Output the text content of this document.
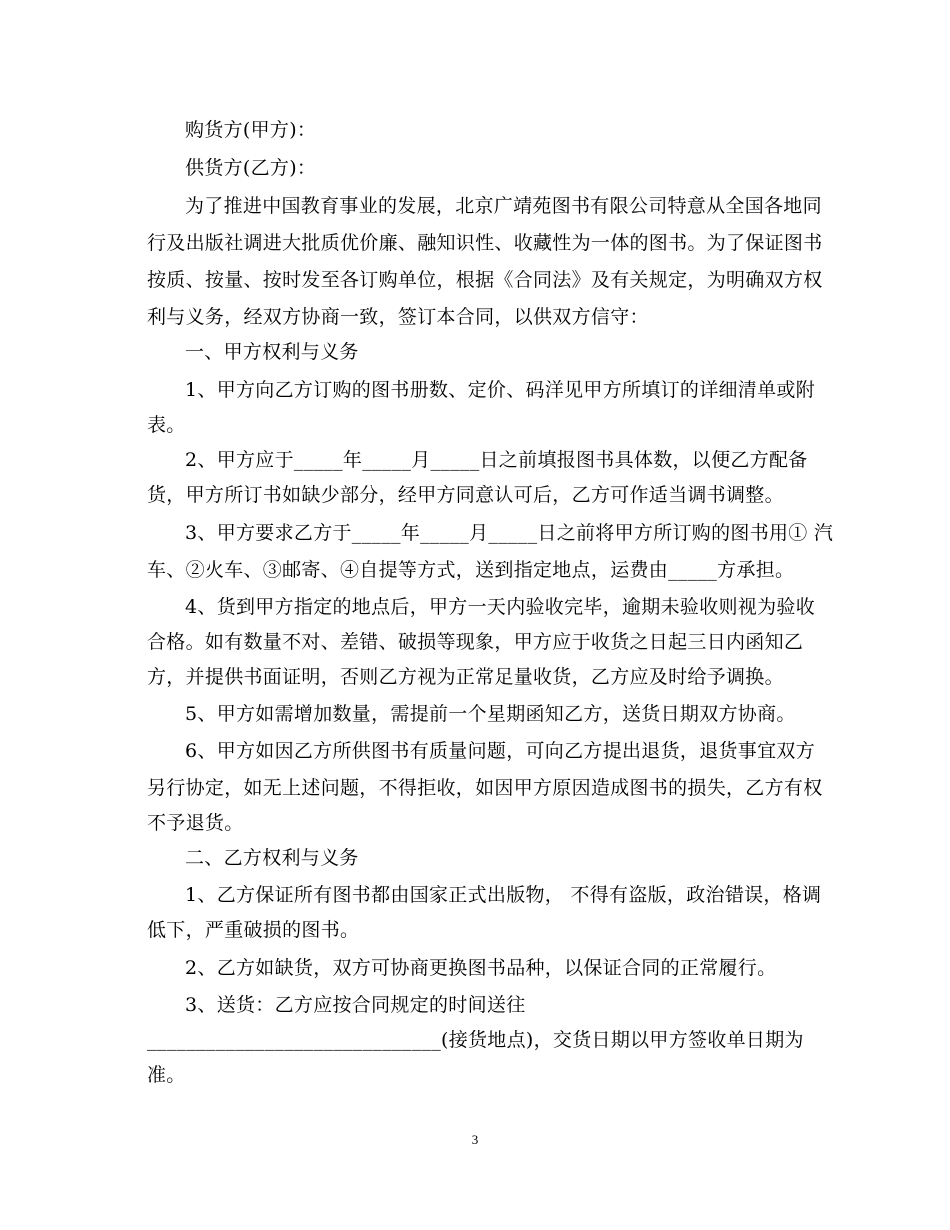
购货方(甲方)：
供货方(乙方)：
为了推进中国教育事业的发展，北京广靖苑图书有限公司特意从全国各地同
行及出版社调进大批质优价廉、融知识性、收藏性为一体的图书。为了保证图书
按质、按量、按时发至各订购单位，根据《合同法》及有关规定，为明确双方权
利与义务，经双方协商一致，签订本合同，以供双方信守：
一、甲方权利与义务
1、甲方向乙方订购的图书册数、定价、码洋见甲方所填订的详细清单或附
表。
2、甲方应于_____年_____月_____日之前填报图书具体数，以便乙方配备
货，甲方所订书如缺少部分，经甲方同意认可后，乙方可作适当调书调整。
3、甲方要求乙方于_____年_____月_____日之前将甲方所订购的图书用① 汽
车、②火车、③邮寄、④自提等方式，送到指定地点，运费由_____方承担。
4、货到甲方指定的地点后，甲方一天内验收完毕，逾期未验收则视为验收
合格。如有数量不对、差错、破损等现象，甲方应于收货之日起三日内函知乙
方，并提供书面证明，否则乙方视为正常足量收货，乙方应及时给予调换。
5、甲方如需增加数量，需提前一个星期函知乙方，送货日期双方协商。
6、甲方如因乙方所供图书有质量问题，可向乙方提出退货，退货事宜双方
另行协定，如无上述问题，不得拒收，如因甲方原因造成图书的损失，乙方有权
不予退货。
二、乙方权利与义务
1、乙方保证所有图书都由国家正式出版物， 不得有盗版，政治错误，格调
低下，严重破损的图书。
2、乙方如缺货，双方可协商更换图书品种，以保证合同的正常履行。
3、送货：乙方应按合同规定的时间送往
______________________________(接货地点)，交货日期以甲方签收单日期为
准。
3
